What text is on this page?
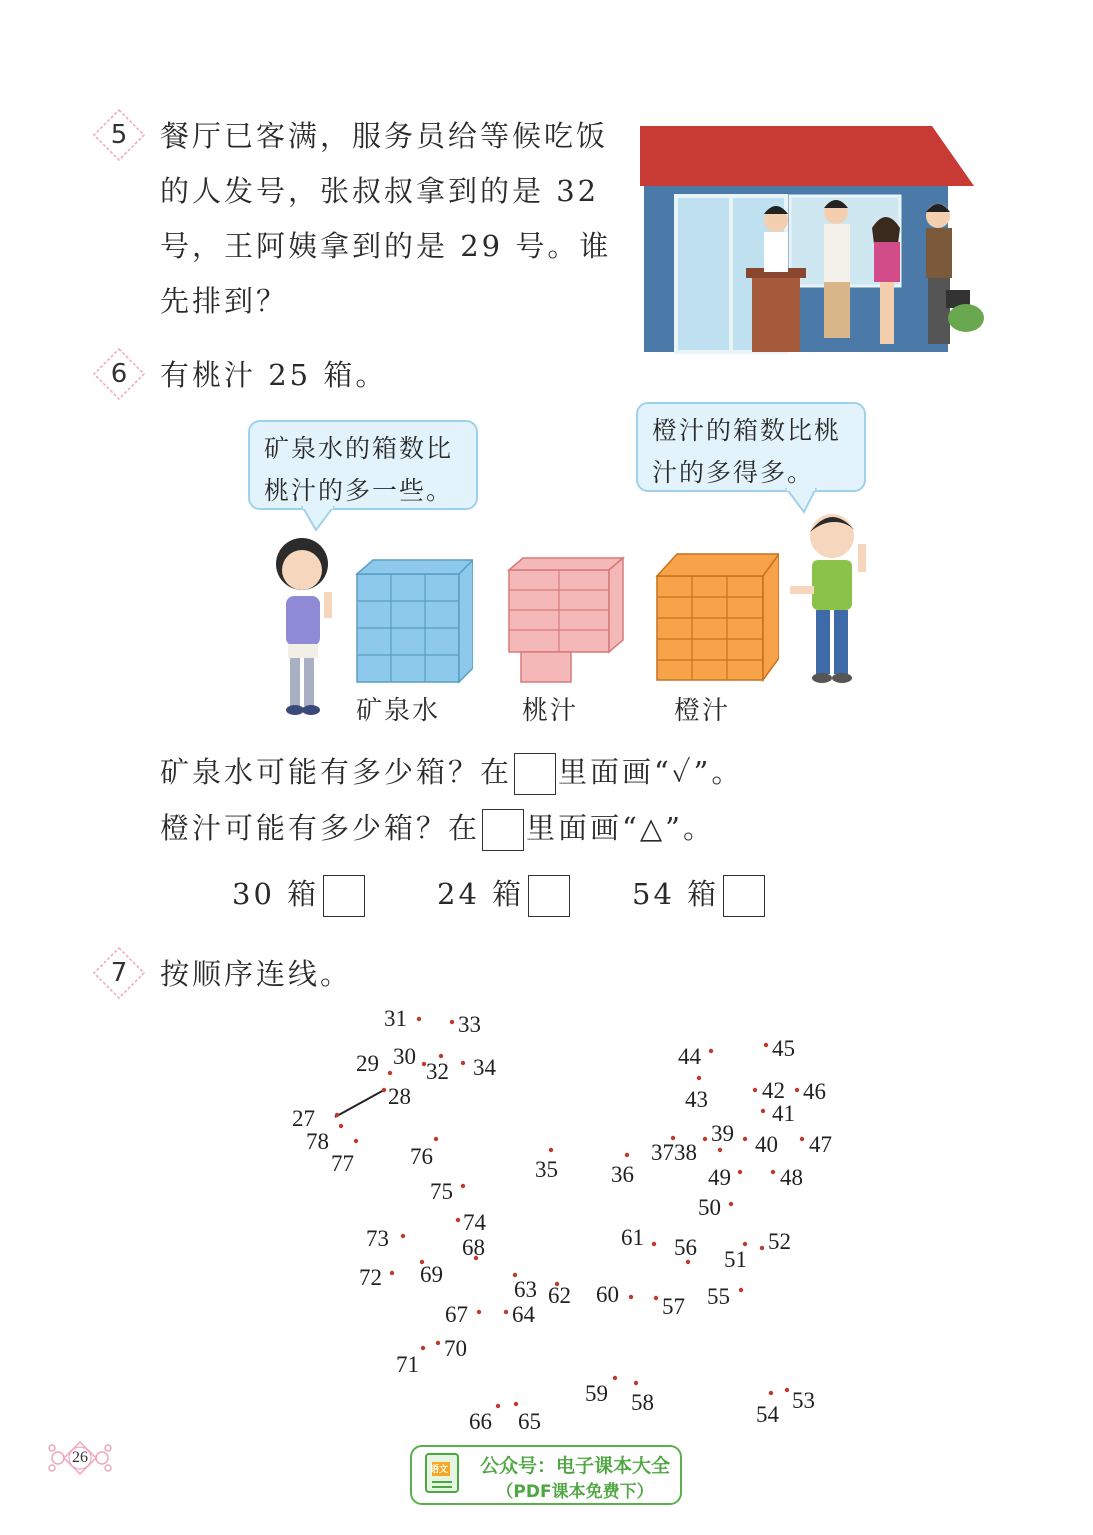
5	餐厅已客满，服务员给等候吃饭
的人发号，张叔叔拿到的是 32
号，王阿姨拿到的是 29 号。谁
先排到？
6	有桃汁 25 箱。
矿泉水的箱数比
桃汁的多一些。
橙汁的箱数比桃
汁的多得多。
矿泉水	桃汁	橙汁
矿泉水可能有多少箱？在 里面画“✓”。
橙汁可能有多少箱？在 里面画“△”。
30 箱	24 箱	54 箱
7	按顺序连线。
31 33
29 30
32 34
28
27
78
77 76
75
35 36
3738
39 40 47
44	45
43 42 46
41
49 48
50
73
74
68	61 56 51
52
72 69
63 62 60 57 55
67 64
71
70
59 58	54
53
66 65
26
语文	公众号：电子课本大全
（PDF课本免费下）
